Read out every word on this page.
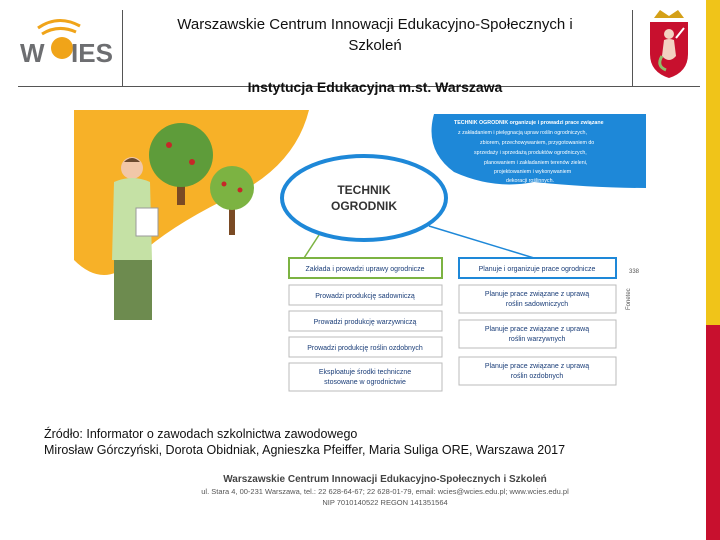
W IES
Warszawskie Centrum Innowacji Edukacyjno-Społecznych i
Szkoleń
Instytucja Edukacyjna m.st. Warszawa
TECHNIK OGRODNIK organizuje i prowadzi prace związane
z zakładaniem i pielęgnacją upraw roślin ogrodniczych,
zbiorem, przechowywaniem, przygotowaniem do
sprzedaży i sprzedażą produktów ogrodniczych,
planowaniem i zakładaniem terenów zieleni,
projektowaniem i wykonywaniem
dekoracji roślinnych.
TECHNIK
OGRODNIK
Zakłada i prowadzi uprawy ogrodnicze
Prowadzi produkcję sadowniczą
Prowadzi produkcję warzywniczą
Prowadzi produkcję roślin ozdobnych
Eksploatuje środki techniczne
stosowane w ogrodnictwie
Planuje i organizuje prace ogrodnicze
Planuje prace związane z uprawą
roślin sadowniczych
Planuje prace związane z uprawą
roślin warzywnych
Planuje prace związane z uprawą
roślin ozdobnych
338
Fonetec
Źródło: Informator o zawodach szkolnictwa zawodowego
Mirosław Górczyński, Dorota Obidniak, Agnieszka Pfeiffer, Maria Suliga ORE, Warszawa 2017
Warszawskie Centrum Innowacji Edukacyjno-Społecznych i Szkoleń
ul. Stara 4, 00-231 Warszawa, tel.: 22 628-64-67; 22 628-01-79, email: wcies@wcies.edu.pl; www.wcies.edu.pl
NIP 7010140522 REGON 141351564
